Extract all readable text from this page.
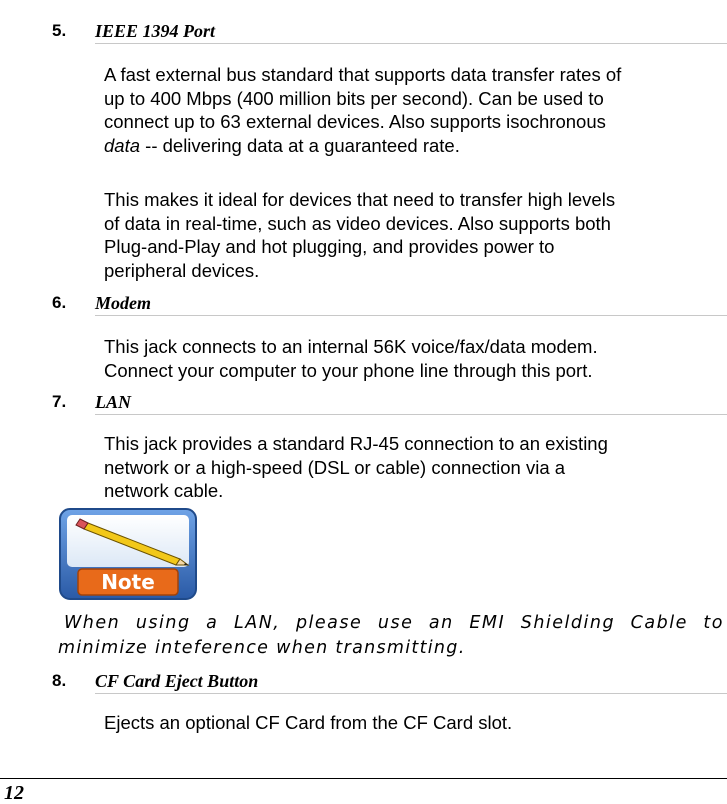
5. IEEE 1394 Port
A fast external bus standard that supports data transfer rates of
up to 400 Mbps (400 million bits per second). Can be used to
connect up to 63 external devices. Also supports isochronous
data -- delivering data at a guaranteed rate.
This makes it ideal for devices that need to transfer high levels
of data in real-time, such as video devices. Also supports both
Plug-and-Play and hot plugging, and provides power to
peripheral devices.
6. Modem
This jack connects to an internal 56K voice/fax/data modem.
Connect your computer to your phone line through this port.
7. LAN
This jack provides a standard RJ-45 connection to an existing
network or a high-speed (DSL or cable) connection via a
network cable.
Note
When using a LAN, please use an EMI Shielding Cable to
minimize inteference when transmitting.
8. CF Card Eject Button
Ejects an optional CF Card from the CF Card slot.
12
